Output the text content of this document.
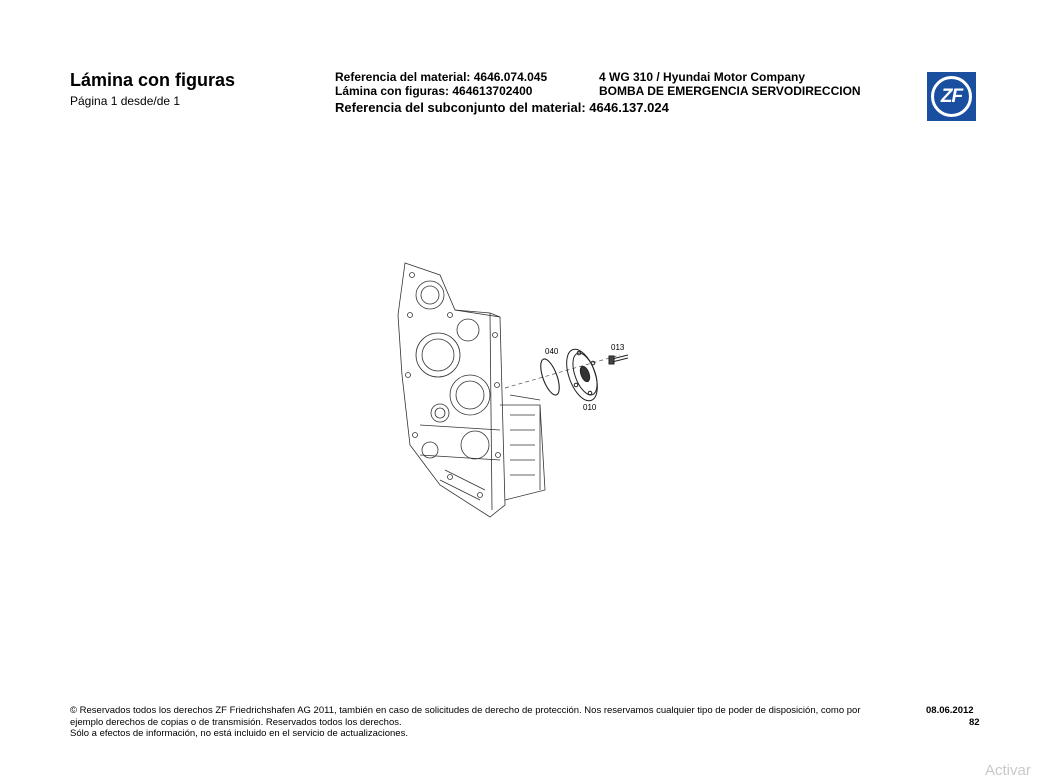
Lámina con figuras
Página 1 desde/de 1
Referencia del material: 4646.074.045
Lámina con figuras: 464613702400
Referencia del subconjunto del material: 4646.137.024
4 WG 310 / Hyundai Motor Company
BOMBA DE EMERGENCIA SERVODIRECCION	ZF
040	013
010
© Reservados todos los derechos ZF Friedrichshafen AG 2011, también en caso de solicitudes de derecho de protección. Nos reservamos cualquier tipo de poder de disposición, como por
ejemplo derechos de copias o de transmisión. Reservados todos los derechos.
Sólo a efectos de información, no está incluido en el servicio de actualizaciones.
08.06.2012
82
Activar
